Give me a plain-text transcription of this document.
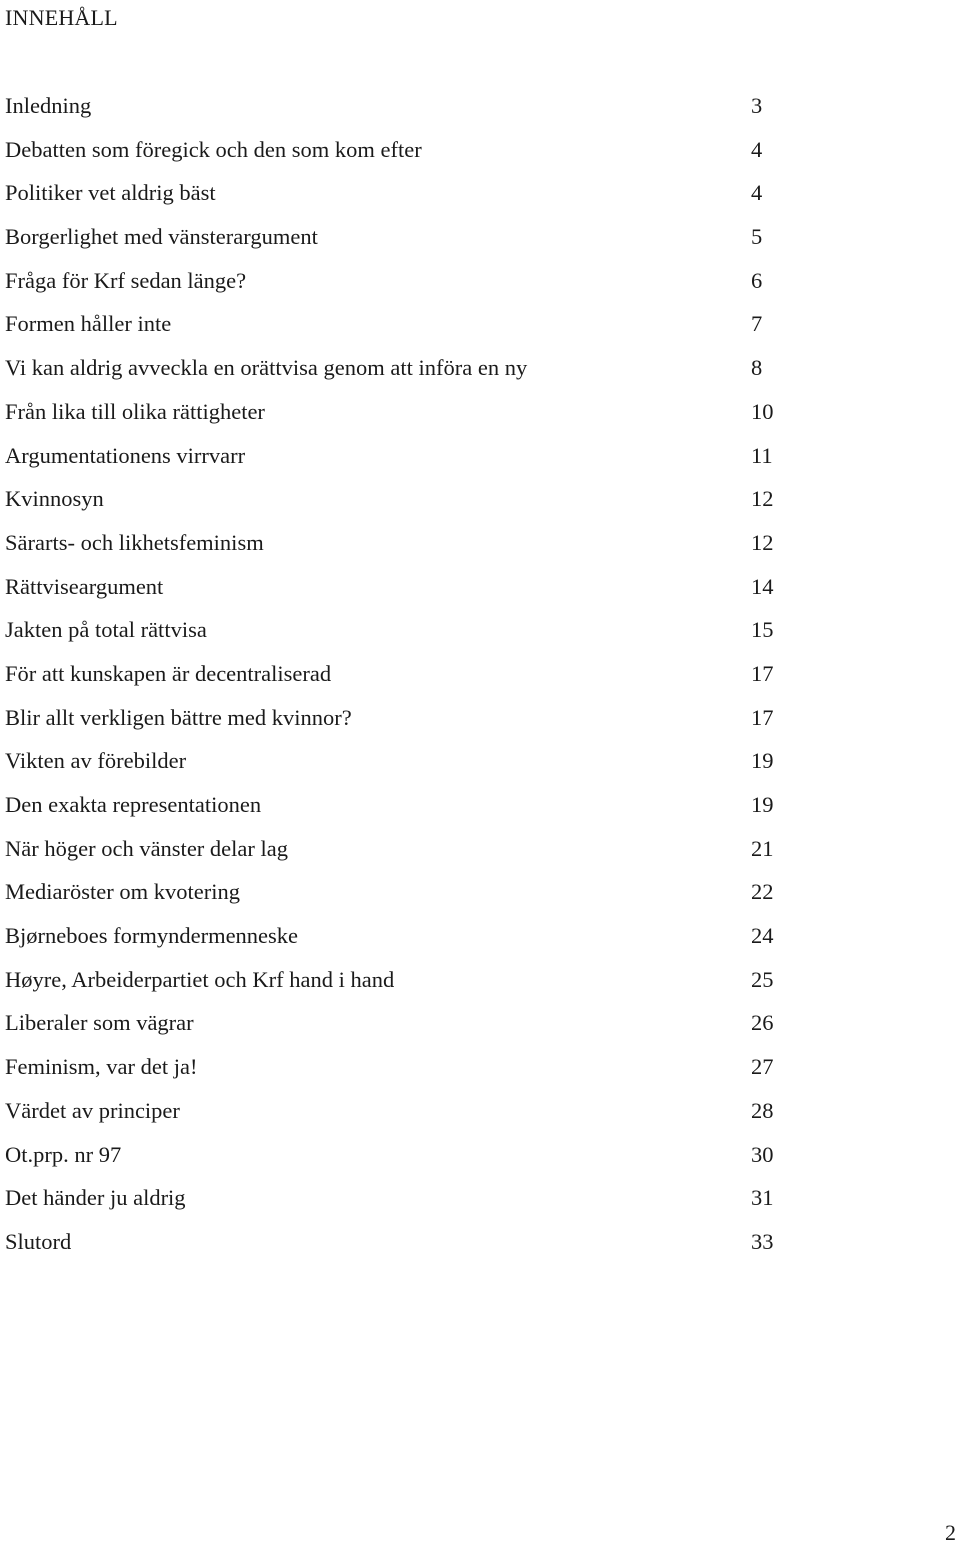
INNEHÅLL
Inledning	3
Debatten som föregick och den som kom efter	4
Politiker vet aldrig bäst	4
Borgerlighet med vänsterargument	5
Fråga för Krf sedan länge?	6
Formen håller inte	7
Vi kan aldrig avveckla en orättvisa genom att införa en ny	8
Från lika till olika rättigheter	10
Argumentationens virrvarr	11
Kvinnosyn	12
Särarts- och likhetsfeminism	12
Rättviseargument	14
Jakten på total rättvisa	15
För att kunskapen är decentraliserad	17
Blir allt verkligen bättre med kvinnor?	17
Vikten av förebilder	19
Den exakta representationen	19
När höger och vänster delar lag	21
Mediaröster om kvotering	22
Bjørneboes formyndermenneske	24
Høyre, Arbeiderpartiet och Krf hand i hand	25
Liberaler som vägrar	26
Feminism, var det ja!	27
Värdet av principer	28
Ot.prp. nr 97	30
Det händer ju aldrig	31
Slutord	33
2
